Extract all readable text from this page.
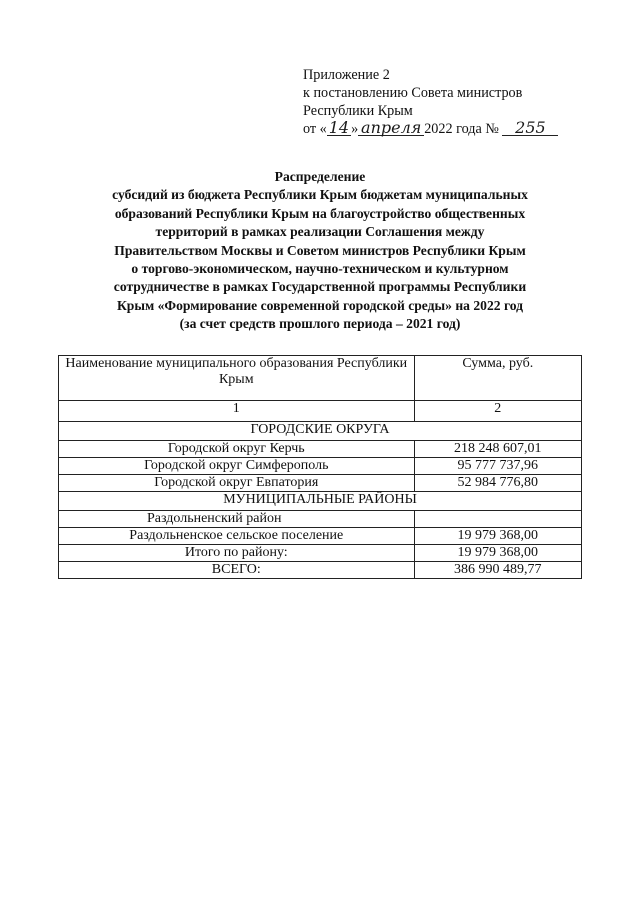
Приложение 2
к постановлению Совета министров
Республики Крым
от « 14 » апреля 2022 года № 255
Распределение
субсидий из бюджета Республики Крым бюджетам муниципальных
образований Республики Крым на благоустройство общественных
территорий в рамках реализации Соглашения между
Правительством Москвы и Советом министров Республики Крым
о торгово-экономическом, научно-техническом и культурном
сотрудничестве в рамках Государственной программы Республики
Крым «Формирование современной городской среды» на 2022 год
(за счет средств прошлого периода – 2021 год)
Наименование муниципального образования Республики Крым	Сумма, руб.
1	2
ГОРОДСКИЕ ОКРУГА	
Городской округ Керчь	218 248 607,01
Городской округ Симферополь	95 777 737,96
Городской округ Евпатория	52 984 776,80
МУНИЦИПАЛЬНЫЕ РАЙОНЫ	
Раздольненский район	
Раздольненское сельское поселение	19 979 368,00
Итого по району:	19 979 368,00
ВСЕГО:	386 990 489,77
